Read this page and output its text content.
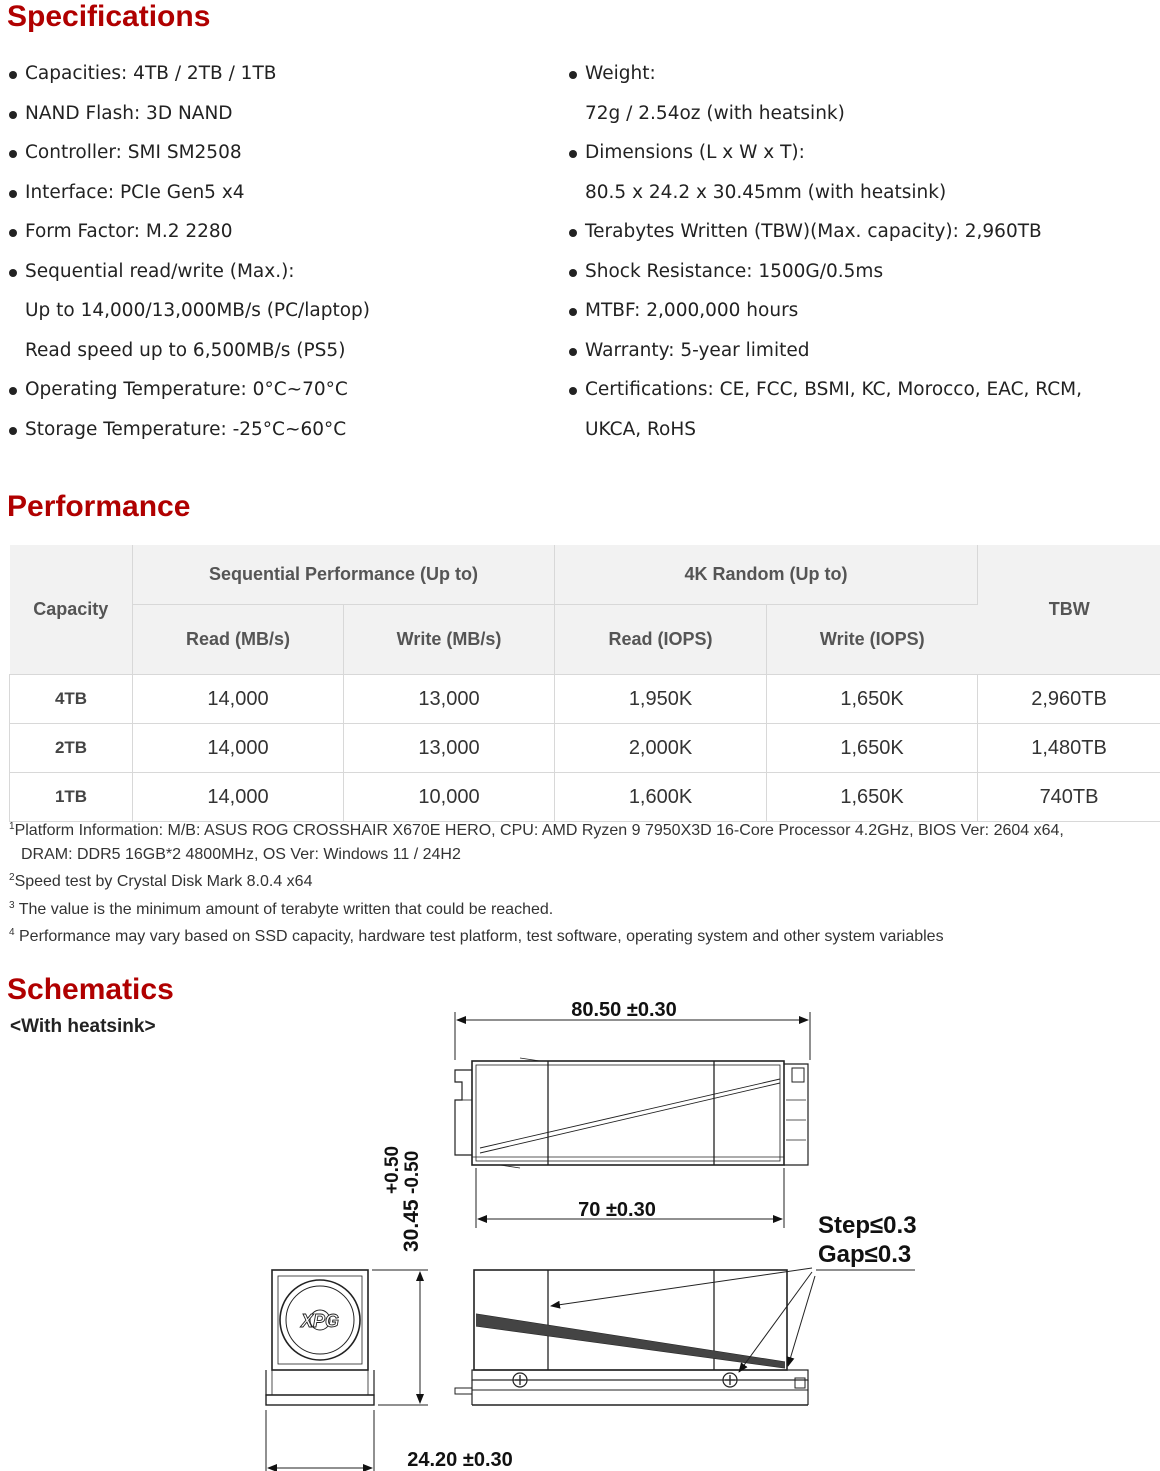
Specifications
Capacities: 4TB / 2TB / 1TB
NAND Flash: 3D NAND
Controller: SMI SM2508
Interface: PCIe Gen5 x4
Form Factor: M.2 2280
Sequential read/write (Max.):
Up to 14,000/13,000MB/s (PC/laptop)
Read speed up to 6,500MB/s (PS5)
Operating Temperature: 0°C~70°C
Storage Temperature: -25°C~60°C
Weight:
72g / 2.54oz (with heatsink)
Dimensions (L x W x T):
80.5 x 24.2 x 30.45mm (with heatsink)
Terabytes Written (TBW)(Max. capacity): 2,960TB
Shock Resistance: 1500G/0.5ms
MTBF: 2,000,000 hours
Warranty: 5-year limited
Certifications: CE, FCC, BSMI, KC, Morocco, EAC, RCM,
UKCA, RoHS
Performance
Capacity	Sequential Performance (Up to)		4K Random (Up to)		TBW
	Read (MB/s)	Write (MB/s)	Read (IOPS)	Write (IOPS)	
4TB	14,000	13,000	1,950K	1,650K	2,960TB
2TB	14,000	13,000	2,000K	1,650K	1,480TB
1TB	14,000	10,000	1,600K	1,650K	740TB
$^1$Platform Information: M/B: ASUS ROG CROSSHAIR X670E HERO, CPU: AMD Ryzen 9 7950X3D 16-Core Processor 4.2GHz, BIOS Ver: 2604 x64,
DRAM: DDR5 16GB*2 4800MHz, OS Ver: Windows 11 / 24H2
$^2$Speed test by Crystal Disk Mark 8.0.4 x64
$^3$ The value is the minimum amount of terabyte written that could be reached.
$^4$ Performance may vary based on SSD capacity, hardware test platform, test software, operating system and other system variables
Schematics
<With heatsink>
80.50 ±0.30
70 ±0.30
Step≤0.3
Gap≤0.3
30.45
+0.50 -0.50
24.20 ±0.30
XPG
